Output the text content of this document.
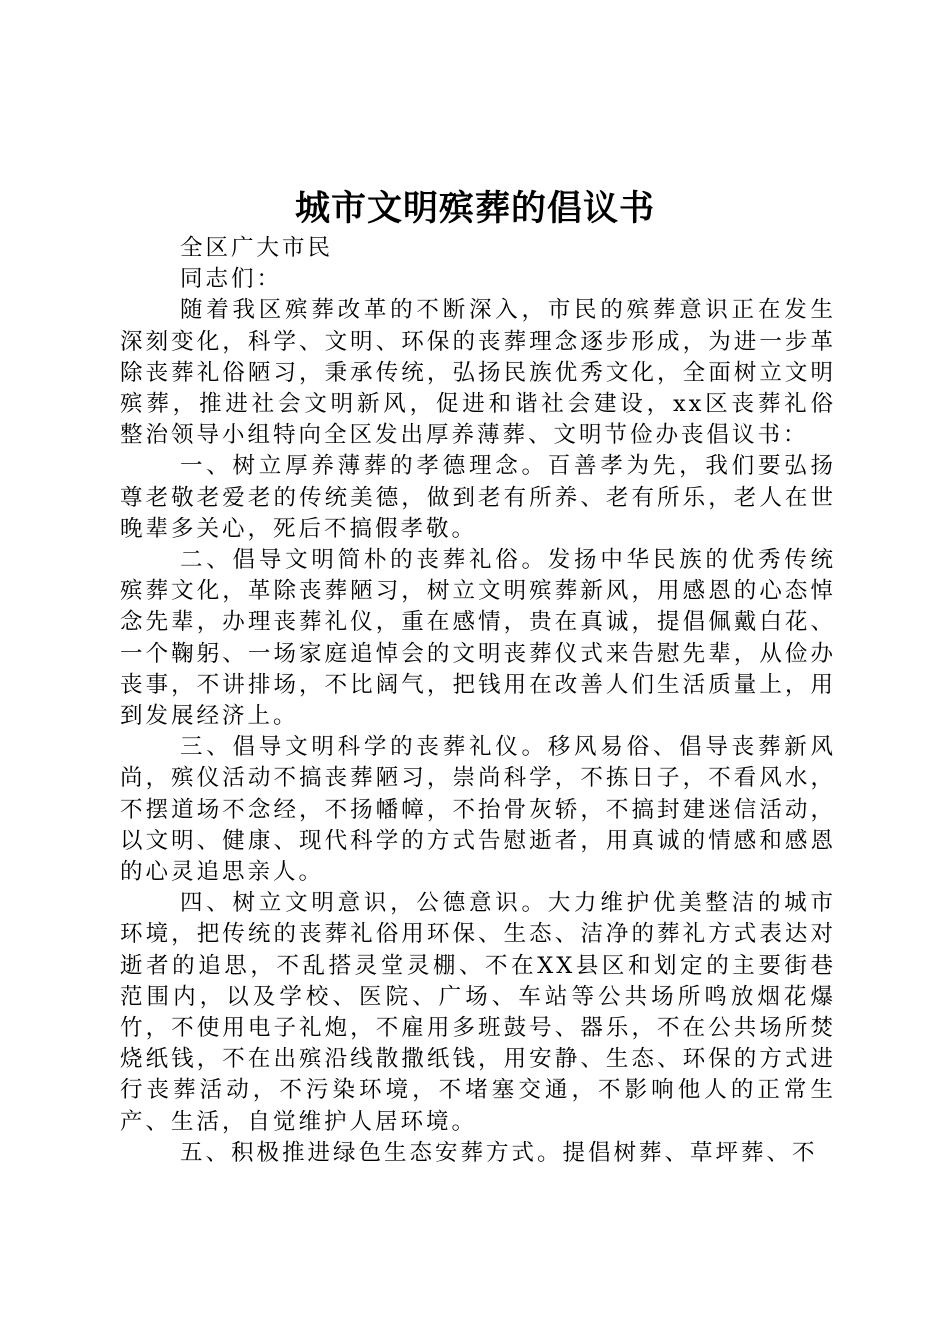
城市文明殡葬的倡议书

全区广大市民

同志们：

随着我区殡葬改革的不断深入，市民的殡葬意识正在发生深刻变化，科学、文明、环保的丧葬理念逐步形成，为进一步革除丧葬礼俗陋习，秉承传统，弘扬民族优秀文化，全面树立文明殡葬，推进社会文明新风，促进和谐社会建设，xx区丧葬礼俗整治领导小组特向全区发出厚养薄葬、文明节俭办丧倡议书：

一、树立厚养薄葬的孝德理念。百善孝为先，我们要弘扬尊老敬老爱老的传统美德，做到老有所养、老有所乐，老人在世晚辈多关心，死后不搞假孝敬。

二、倡导文明简朴的丧葬礼俗。发扬中华民族的优秀传统殡葬文化，革除丧葬陋习，树立文明殡葬新风，用感恩的心态悼念先辈，办理丧葬礼仪，重在感情，贵在真诚，提倡佩戴白花、一个鞠躬、一场家庭追悼会的文明丧葬仪式来告慰先辈，从俭办丧事，不讲排场，不比阔气，把钱用在改善人们生活质量上，用到发展经济上。

三、倡导文明科学的丧葬礼仪。移风易俗、倡导丧葬新风尚，殡仪活动不搞丧葬陋习，崇尚科学，不拣日子，不看风水，不摆道场不念经，不扬幡幛，不抬骨灰轿，不搞封建迷信活动，以文明、健康、现代科学的方式告慰逝者，用真诚的情感和感恩的心灵追思亲人。

四、树立文明意识，公德意识。大力维护优美整洁的城市环境，把传统的丧葬礼俗用环保、生态、洁净的葬礼方式表达对逝者的追思，不乱搭灵堂灵棚、不在XX县区和划定的主要街巷范围内，以及学校、医院、广场、车站等公共场所鸣放烟花爆竹，不使用电子礼炮，不雇用多班鼓号、器乐，不在公共场所焚烧纸钱，不在出殡沿线散撒纸钱，用安静、生态、环保的方式进行丧葬活动，不污染环境，不堵塞交通，不影响他人的正常生产、生活，自觉维护人居环境。

五、积极推进绿色生态安葬方式。提倡树葬、草坪葬、不
